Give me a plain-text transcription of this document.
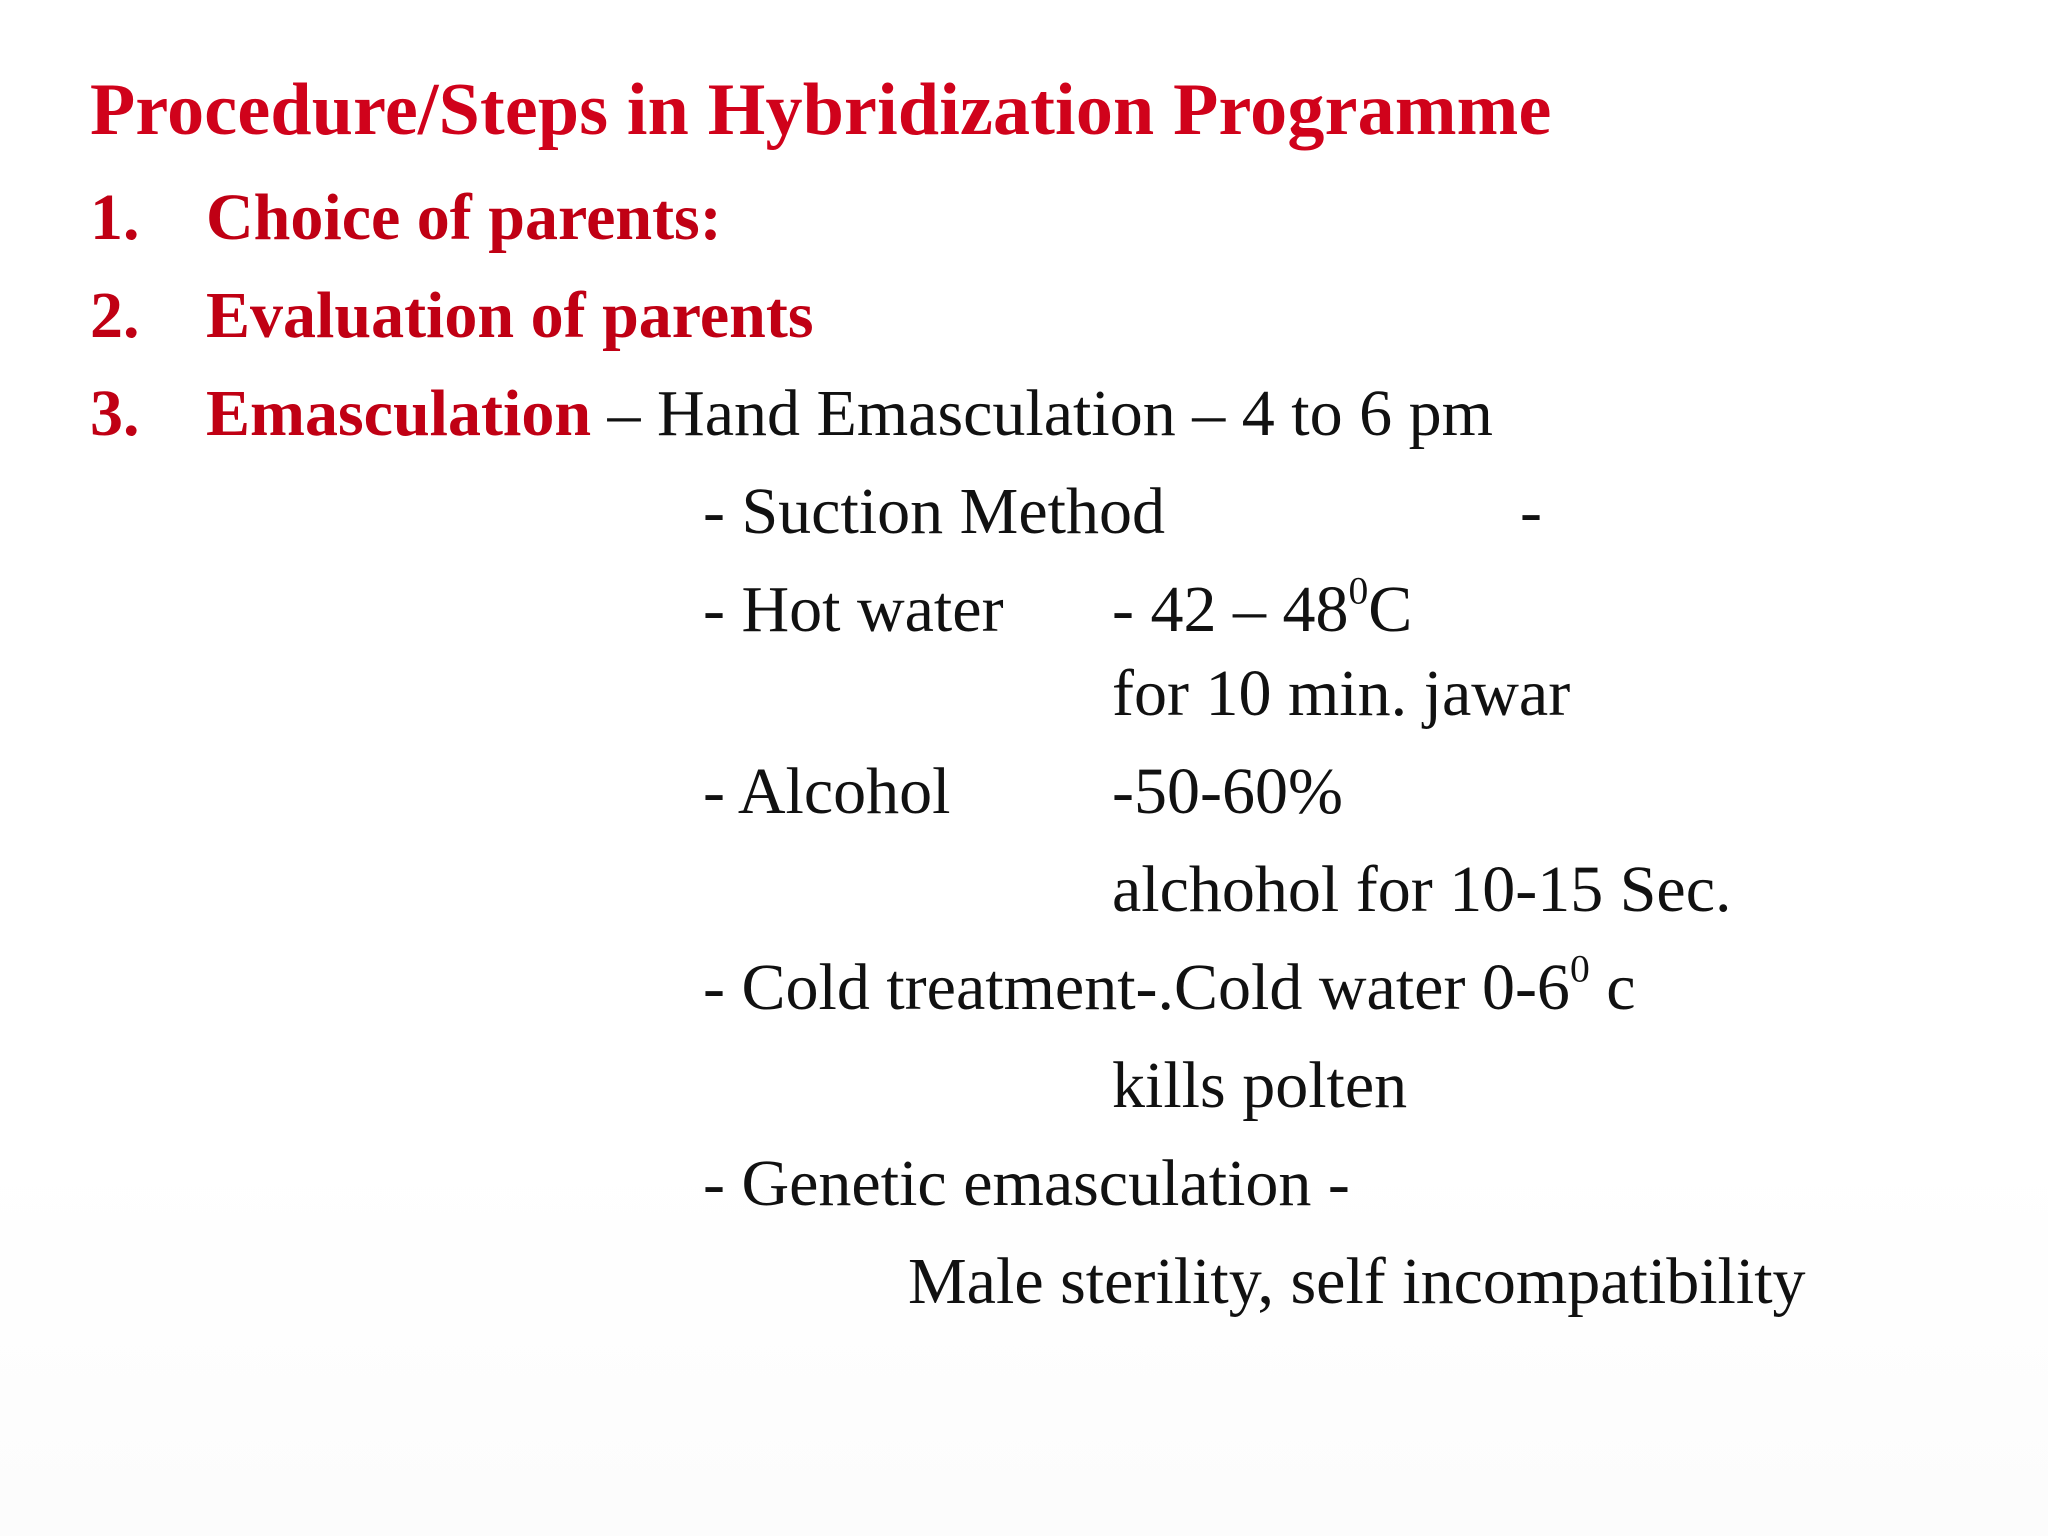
Procedure/Steps in Hybridization Programme
1. Choice of parents:
2. Evaluation of parents
3. Emasculation – Hand Emasculation – 4 to 6 pm
- Suction Method	-
- Hot water - $42 - 48^0C$
for 10 min. jawar
- Alcohol -50-60%
alchohol for 10-15 Sec.
- Cold treatment-.Cold water $0-6^0$ c
kills polten
- Genetic emasculation -
Male sterility, self incompatibility
